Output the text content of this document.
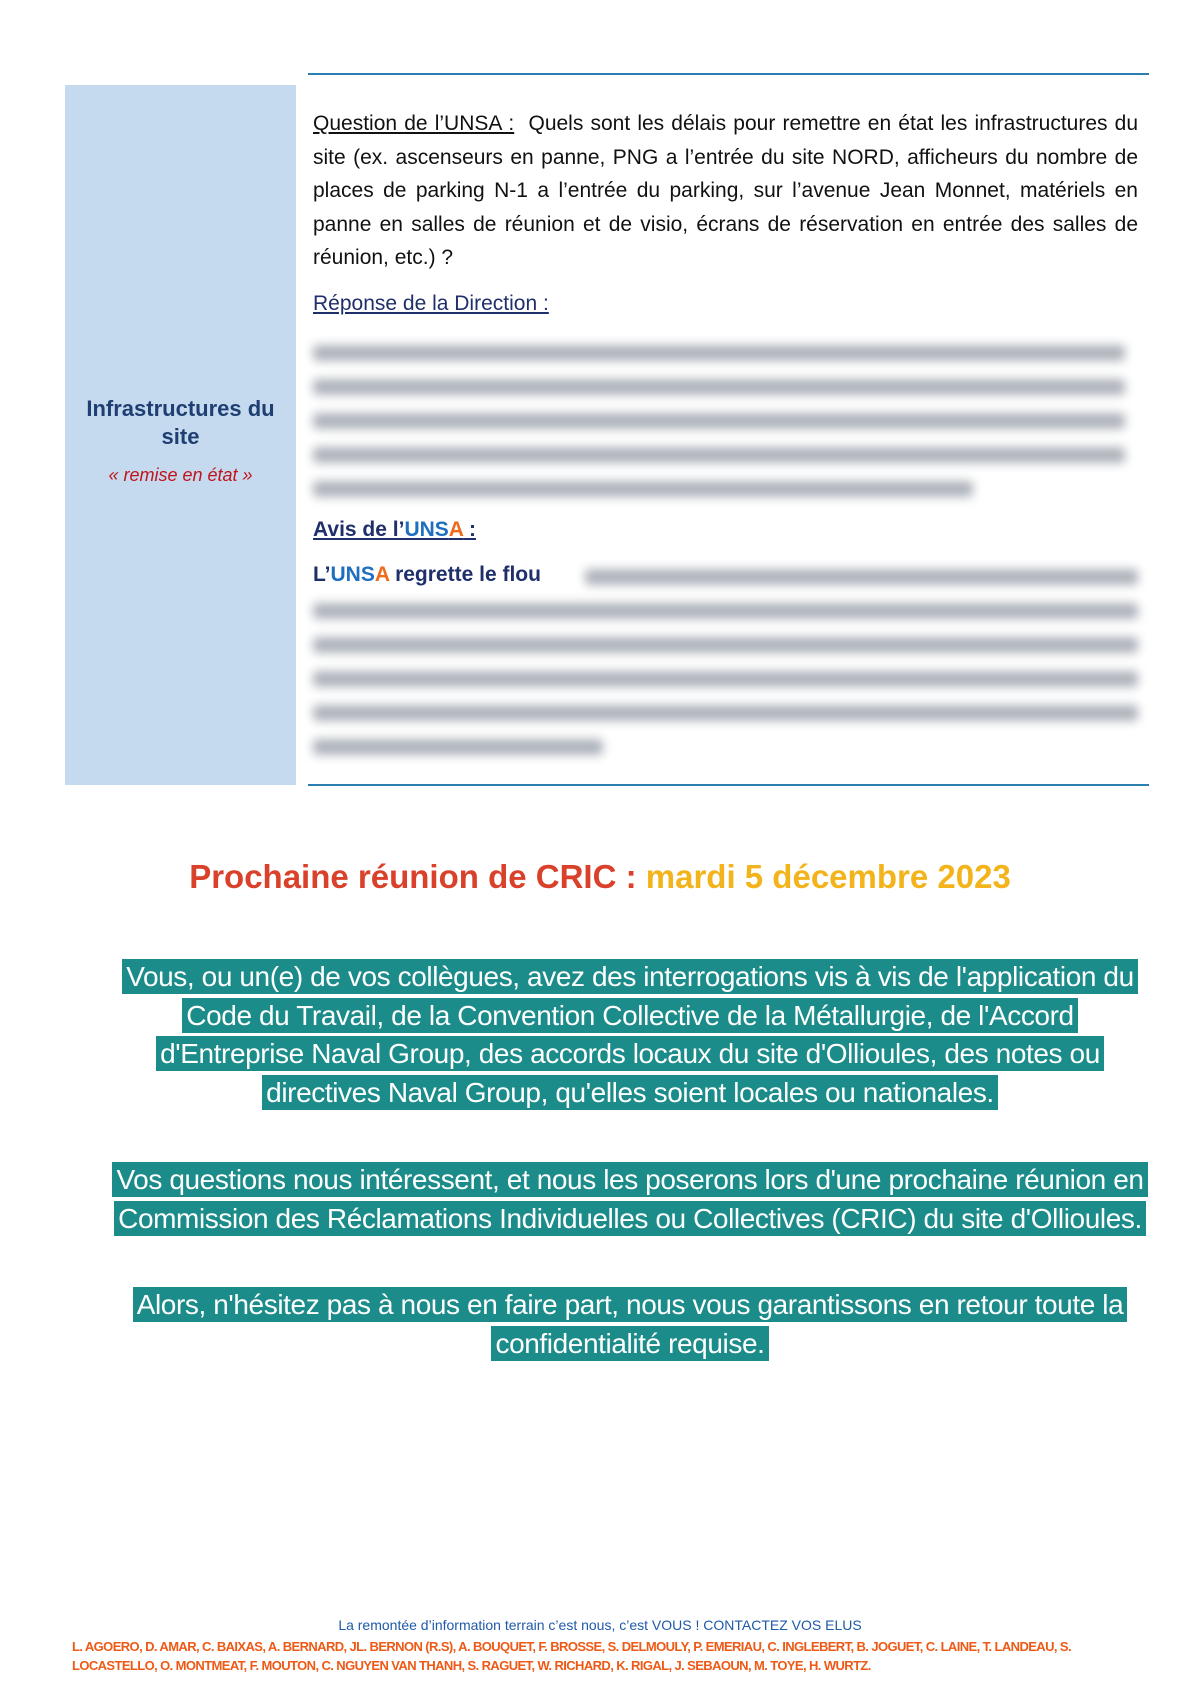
Infrastructures du site
« remise en état »
Question de l’UNSA : Quels sont les délais pour remettre en état les infrastructures du site (ex. ascenseurs en panne, PNG a l’entrée du site NORD, afficheurs du nombre de places de parking N-1 a l’entrée du parking, sur l’avenue Jean Monnet, matériels en panne en salles de réunion et de visio, écrans de réservation en entrée des salles de réunion, etc.) ?
Réponse de la Direction :
Avis de l’UNSA :
L’UNSA regrette le flou
Prochaine réunion de CRIC : mardi 5 décembre 2023
Vous, ou un(e) de vos collègues, avez des interrogations vis à vis de l'application du Code du Travail, de la Convention Collective de la Métallurgie, de l'Accord d'Entreprise Naval Group, des accords locaux du site d'Ollioules, des notes ou directives Naval Group, qu'elles soient locales ou nationales.
Vos questions nous intéressent, et nous les poserons lors d'une prochaine réunion en Commission des Réclamations Individuelles ou Collectives (CRIC) du site d'Ollioules.
Alors, n'hésitez pas à nous en faire part, nous vous garantissons en retour toute la confidentialité requise.
La remontée d’information terrain c’est nous, c’est VOUS ! CONTACTEZ VOS ELUS
L. AGOERO, D. AMAR, C. BAIXAS, A. BERNARD, JL. BERNON (R.S), A. BOUQUET, F. BROSSE, S. DELMOULY, P. EMERIAU, C. INGLEBERT, B. JOGUET, C. LAINE, T. LANDEAU, S. LOCASTELLO, O. MONTMEAT, F. MOUTON, C. NGUYEN VAN THANH, S. RAGUET, W. RICHARD, K. RIGAL, J. SEBAOUN, M. TOYE, H. WURTZ.
